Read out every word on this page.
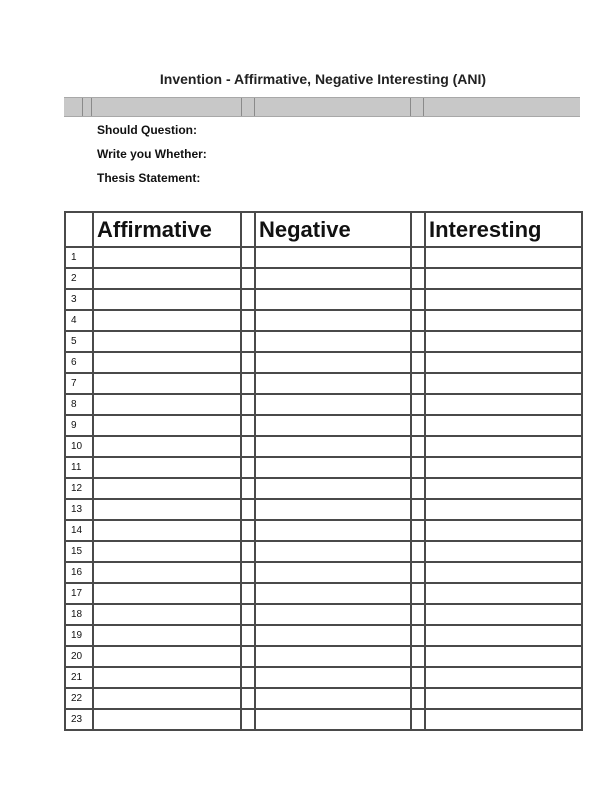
Invention - Affirmative, Negative Interesting (ANI)
Should Question:
Write you Whether:
Thesis Statement:
	Affirmative		Negative		Interesting
1					
2					
3					
4					
5					
6					
7					
8					
9					
10					
11					
12					
13					
14					
15					
16					
17					
18					
19					
20					
21					
22					
23					
